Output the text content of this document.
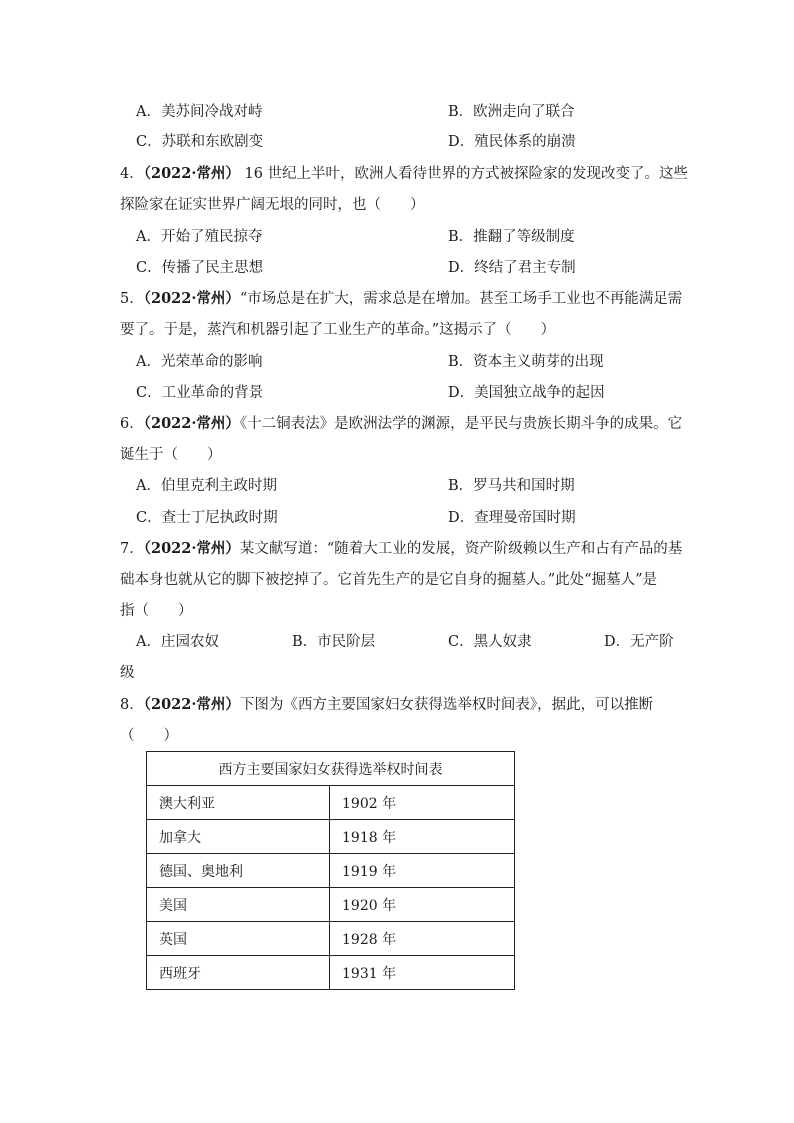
A．美苏间冷战对峙	B．欧洲走向了联合
C．苏联和东欧剧变	D．殖民体系的崩溃
4．（2022·常州） 16 世纪上半叶，欧洲人看待世界的方式被探险家的发现改变了。这些
探险家在证实世界广阔无垠的同时，也（　　）
A．开始了殖民掠夺	B．推翻了等级制度
C．传播了民主思想	D．终结了君主专制
5．（2022·常州）“市场总是在扩大，需求总是在增加。甚至工场手工业也不再能满足需
要了。于是，蒸汽和机器引起了工业生产的革命。”这揭示了（　　）
A．光荣革命的影响	B．资本主义萌芽的出现
C．工业革命的背景	D．美国独立战争的起因
6．（2022·常州）《十二铜表法》是欧洲法学的渊源，是平民与贵族长期斗争的成果。它
诞生于（　　）
A．伯里克利主政时期	B．罗马共和国时期
C．查士丁尼执政时期	D．查理曼帝国时期
7．（2022·常州）某文献写道：“随着大工业的发展，资产阶级赖以生产和占有产品的基
础本身也就从它的脚下被挖掉了。它首先生产的是它自身的掘墓人。”此处“掘墓人”是
指（　　）
A．庄园农奴	B．市民阶层	C．黑人奴隶	D．无产阶
级
8．（2022·常州）下图为《西方主要国家妇女获得选举权时间表》，据此，可以推断
（　　）
西方主要国家妇女获得选举权时间表	
澳大利亚	1902 年
加拿大	1918 年
德国、奥地利	1919 年
美国	1920 年
英国	1928 年
西班牙	1931 年
